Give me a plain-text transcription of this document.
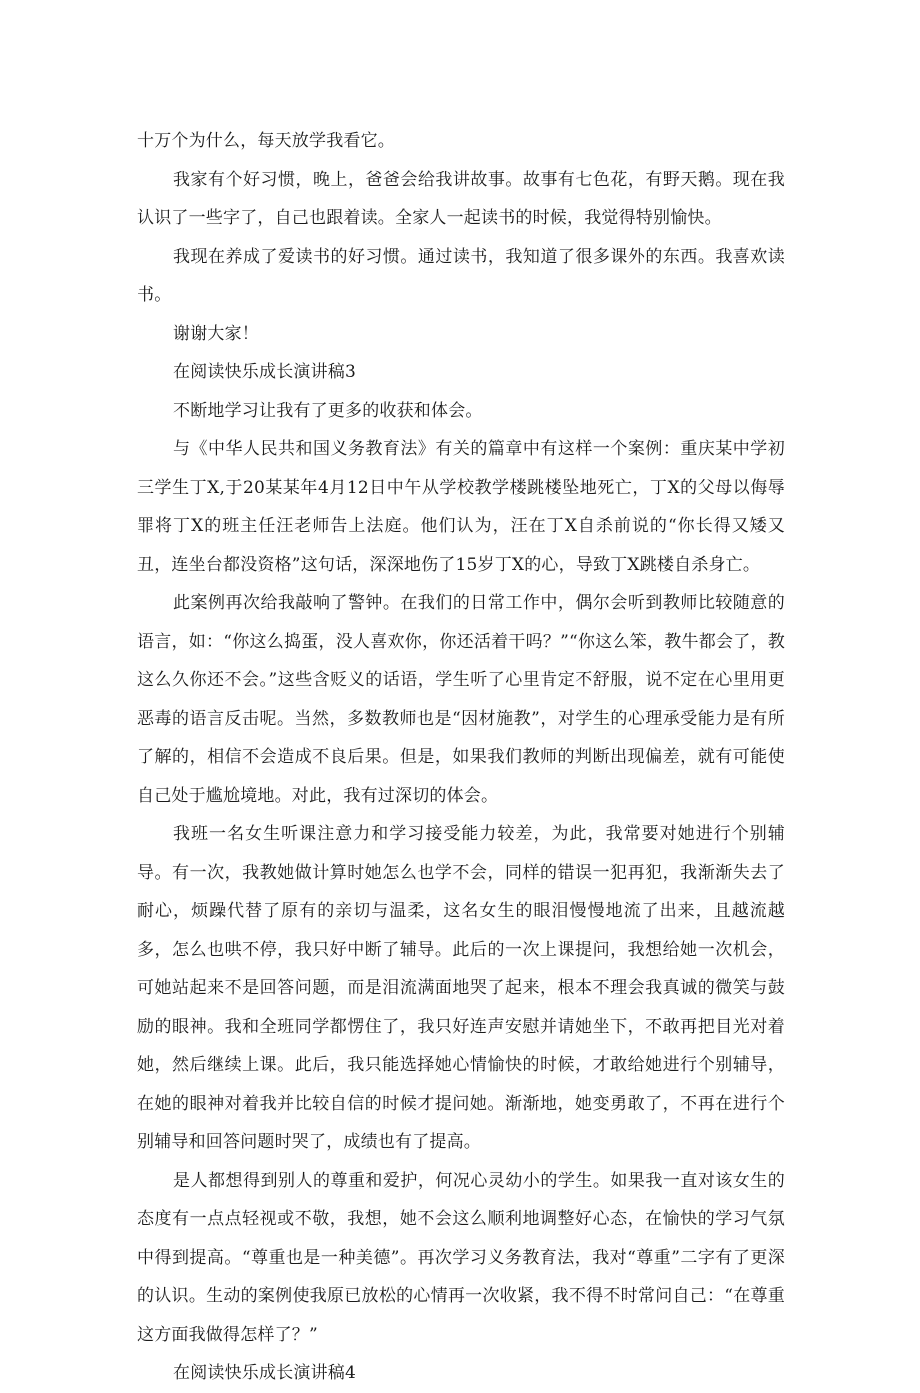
十万个为什么，每天放学我看它。

我家有个好习惯，晚上，爸爸会给我讲故事。故事有七色花，有野天鹅。现在我认识了一些字了，自己也跟着读。全家人一起读书的时候，我觉得特别愉快。

我现在养成了爱读书的好习惯。通过读书，我知道了很多课外的东西。我喜欢读书。

谢谢大家！

在阅读快乐成长演讲稿3

不断地学习让我有了更多的收获和体会。

与《中华人民共和国义务教育法》有关的篇章中有这样一个案例：重庆某中学初三学生丁X,于20某某年4月12日中午从学校教学楼跳楼坠地死亡，丁X的父母以侮辱罪将丁X的班主任汪老师告上法庭。他们认为，汪在丁X自杀前说的“你长得又矮又丑，连坐台都没资格”这句话，深深地伤了15岁丁X的心，导致丁X跳楼自杀身亡。

此案例再次给我敲响了警钟。在我们的日常工作中，偶尔会听到教师比较随意的语言，如：“你这么捣蛋，没人喜欢你，你还活着干吗？”“你这么笨，教牛都会了，教这么久你还不会。”这些含贬义的话语，学生听了心里肯定不舒服，说不定在心里用更恶毒的语言反击呢。当然，多数教师也是“因材施教”，对学生的心理承受能力是有所了解的，相信不会造成不良后果。但是，如果我们教师的判断出现偏差，就有可能使自己处于尴尬境地。对此，我有过深切的体会。

我班一名女生听课注意力和学习接受能力较差，为此，我常要对她进行个别辅导。有一次，我教她做计算时她怎么也学不会，同样的错误一犯再犯，我渐渐失去了耐心，烦躁代替了原有的亲切与温柔，这名女生的眼泪慢慢地流了出来，且越流越多，怎么也哄不停，我只好中断了辅导。此后的一次上课提问，我想给她一次机会，可她站起来不是回答问题，而是泪流满面地哭了起来，根本不理会我真诚的微笑与鼓励的眼神。我和全班同学都愣住了，我只好连声安慰并请她坐下，不敢再把目光对着她，然后继续上课。此后，我只能选择她心情愉快的时候，才敢给她进行个别辅导，在她的眼神对着我并比较自信的时候才提问她。渐渐地，她变勇敢了，不再在进行个别辅导和回答问题时哭了，成绩也有了提高。

是人都想得到别人的尊重和爱护，何况心灵幼小的学生。如果我一直对该女生的态度有一点点轻视或不敬，我想，她不会这么顺利地调整好心态，在愉快的学习气氛中得到提高。“尊重也是一种美德”。再次学习义务教育法，我对“尊重”二字有了更深的认识。生动的案例使我原已放松的心情再一次收紧，我不得不时常问自己：“在尊重这方面我做得怎样了？”

在阅读快乐成长演讲稿4
